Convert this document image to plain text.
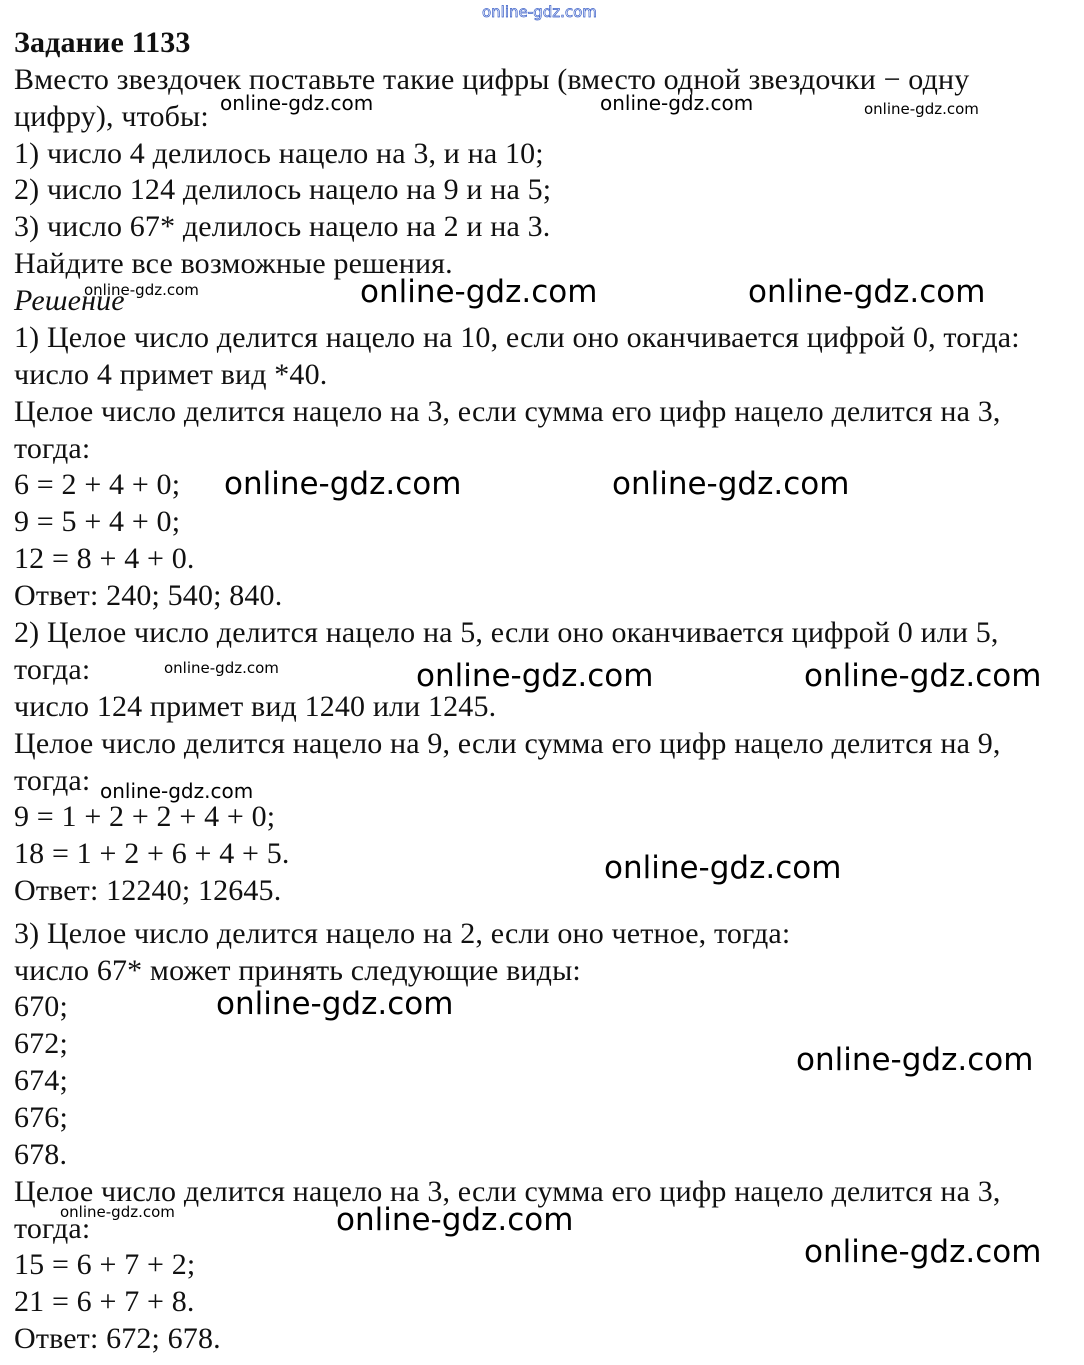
Задание 1133
Вместо звездочек поставьте такие цифры (вместо одной звездочки − одну
цифру), чтобы:
1) число 4 делилось нацело на 3, и на 10;
2) число 124 делилось нацело на 9 и на 5;
3) число 67* делилось нацело на 2 и на 3.
Найдите все возможные решения.
Решение
1) Целое число делится нацело на 10, если оно оканчивается цифрой 0, тогда:
число 4 примет вид *40.
Целое число делится нацело на 3, если сумма его цифр нацело делится на 3,
тогда:
6 = 2 + 4 + 0;
9 = 5 + 4 + 0;
12 = 8 + 4 + 0.
Ответ: 240; 540; 840.
2) Целое число делится нацело на 5, если оно оканчивается цифрой 0 или 5,
тогда:
число 124 примет вид 1240 или 1245.
Целое число делится нацело на 9, если сумма его цифр нацело делится на 9,
тогда:
9 = 1 + 2 + 2 + 4 + 0;
18 = 1 + 2 + 6 + 4 + 5.
Ответ: 12240; 12645.
3) Целое число делится нацело на 2, если оно четное, тогда:
число 67* может принять следующие виды:
670;
672;
674;
676;
678.
Целое число делится нацело на 3, если сумма его цифр нацело делится на 3,
тогда:
15 = 6 + 7 + 2;
21 = 6 + 7 + 8.
Ответ: 672; 678.
online-gdz.com
online-gdz.com	online-gdz.com	online-gdz.com
online-gdz.com	online-gdz.com	online-gdz.com
online-gdz.com	online-gdz.com
online-gdz.com	online-gdz.com	online-gdz.com
online-gdz.com
online-gdz.com
online-gdz.com
online-gdz.com
online-gdz.com	online-gdz.com
online-gdz.com
